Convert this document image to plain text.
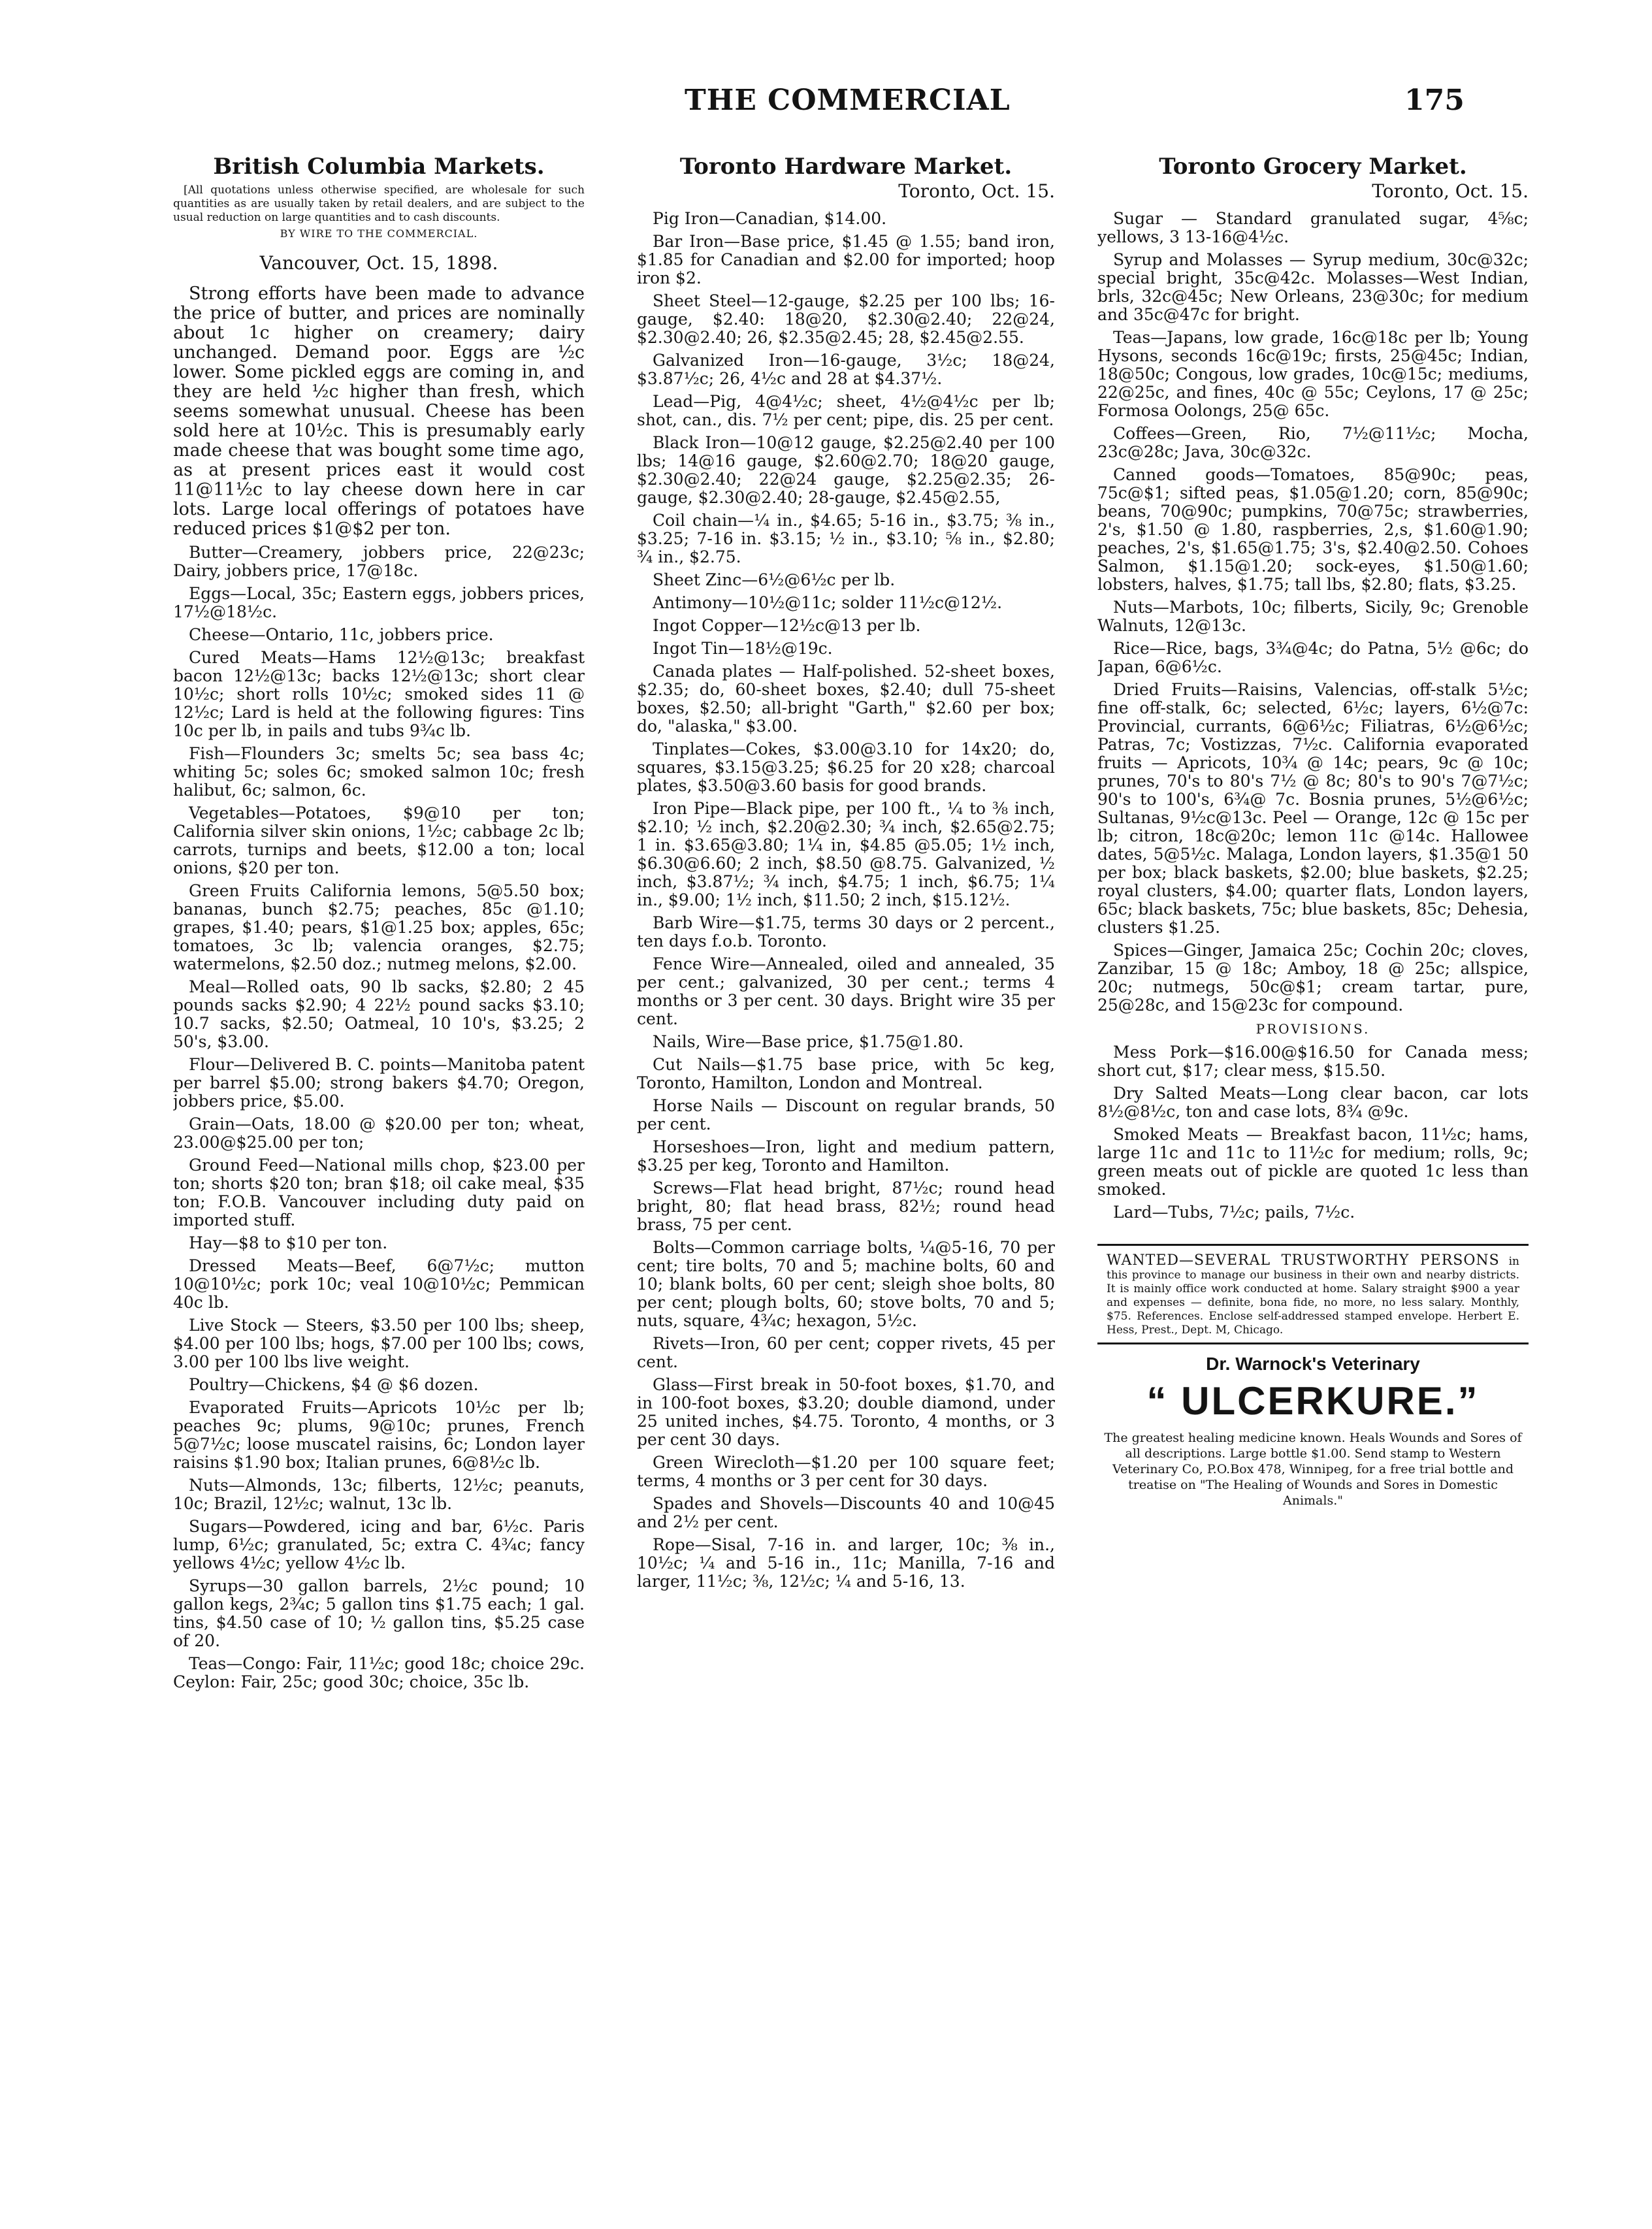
THE COMMERCIAL	175
British Columbia Markets.

[All quotations unless otherwise specified, are wholesale for such quantities as are usually taken by retail dealers, and are subject to the usual reduction on large quantities and to cash discounts.

BY WIRE TO THE COMMERCIAL.

Vancouver, Oct. 15, 1898.

Strong efforts have been made to advance the price of butter, and prices are nominally about 1c higher on creamery; dairy unchanged. Demand poor. Eggs are ½c lower. Some pickled eggs are coming in, and they are held ½c higher than fresh, which seems somewhat unusual. Cheese has been sold here at 10½c. This is presumably early made cheese that was bought some time ago, as at present prices east it would cost 11@11½c to lay cheese down here in car lots. Large local offerings of potatoes have reduced prices $1@$2 per ton.

Butter—Creamery, jobbers price, 22@23c; Dairy, jobbers price, 17@18c.

Eggs—Local, 35c; Eastern eggs, jobbers prices, 17½@18½c.

Cheese—Ontario, 11c, jobbers price.

Cured Meats—Hams 12½@13c; breakfast bacon 12½@13c; backs 12½@13c; short clear 10½c; short rolls 10½c; smoked sides 11 @ 12½c; Lard is held at the following figures: Tins 10c per lb, in pails and tubs 9¾c lb.

Fish—Flounders 3c; smelts 5c; sea bass 4c; whiting 5c; soles 6c; smoked salmon 10c; fresh halibut, 6c; salmon, 6c.

Vegetables—Potatoes, $9@10 per ton; California silver skin onions, 1½c; cabbage 2c lb; carrots, turnips and beets, $12.00 a ton; local onions, $20 per ton.

Green Fruits California lemons, 5@5.50 box; bananas, bunch $2.75; peaches, 85c @1.10; grapes, $1.40; pears, $1@1.25 box; apples, 65c; tomatoes, 3c lb; valencia oranges, $2.75; watermelons, $2.50 doz.; nutmeg melons, $2.00.

Meal—Rolled oats, 90 lb sacks, $2.80; 2 45 pounds sacks $2.90; 4 22½ pound sacks $3.10; 10.7 sacks, $2.50; Oatmeal, 10 10's, $3.25; 2 50's, $3.00.

Flour—Delivered B. C. points—Manitoba patent per barrel $5.00; strong bakers $4.70; Oregon, jobbers price, $5.00.

Grain—Oats, 18.00 @ $20.00 per ton; wheat, 23.00@$25.00 per ton;

Ground Feed—National mills chop, $23.00 per ton; shorts $20 ton; bran $18; oil cake meal, $35 ton; F.O.B. Vancouver including duty paid on imported stuff.

Hay—$8 to $10 per ton.

Dressed Meats—Beef, 6@7½c; mutton 10@10½c; pork 10c; veal 10@10½c; Pemmican 40c lb.

Live Stock — Steers, $3.50 per 100 lbs; sheep, $4.00 per 100 lbs; hogs, $7.00 per 100 lbs; cows, 3.00 per 100 lbs live weight.

Poultry—Chickens, $4 @ $6 dozen.

Evaporated Fruits—Apricots 10½c per lb; peaches 9c; plums, 9@10c; prunes, French 5@7½c; loose muscatel raisins, 6c; London layer raisins $1.90 box; Italian prunes, 6@8½c lb.

Nuts—Almonds, 13c; filberts, 12½c; peanuts, 10c; Brazil, 12½c; walnut, 13c lb.

Sugars—Powdered, icing and bar, 6½c. Paris lump, 6½c; granulated, 5c; extra C. 4¾c; fancy yellows 4½c; yellow 4½c lb.

Syrups—30 gallon barrels, 2½c pound; 10 gallon kegs, 2¾c; 5 gallon tins $1.75 each; 1 gal. tins, $4.50 case of 10; ½ gallon tins, $5.25 case of 20.

Teas—Congo: Fair, 11½c; good 18c; choice 29c. Ceylon: Fair, 25c; good 30c; choice, 35c lb.

Toronto Hardware Market.

Toronto, Oct. 15.

Pig Iron—Canadian, $14.00.

Bar Iron—Base price, $1.45 @ 1.55; band iron, $1.85 for Canadian and $2.00 for imported; hoop iron $2.

Sheet Steel—12-gauge, $2.25 per 100 lbs; 16-gauge, $2.40: 18@20, $2.30@2.40; 22@24, $2.30@2.40; 26, $2.35@2.45; 28, $2.45@2.55.

Galvanized Iron—16-gauge, 3½c; 18@24, $3.87½c; 26, 4½c and 28 at $4.37½.

Lead—Pig, 4@4½c; sheet, 4½@4½c per lb; shot, can., dis. 7½ per cent; pipe, dis. 25 per cent.

Black Iron—10@12 gauge, $2.25@2.40 per 100 lbs; 14@16 gauge, $2.60@2.70; 18@20 gauge, $2.30@2.40; 22@24 gauge, $2.25@2.35; 26-gauge, $2.30@2.40; 28-gauge, $2.45@2.55,

Coil chain—¼ in., $4.65; 5-16 in., $3.75; ⅜ in., $3.25; 7-16 in. $3.15; ½ in., $3.10; ⅝ in., $2.80; ¾ in., $2.75.

Sheet Zinc—6½@6½c per lb.

Antimony—10½@11c; solder 11½c@12½.

Ingot Copper—12½c@13 per lb.

Ingot Tin—18½@19c.

Canada plates — Half-polished. 52-sheet boxes, $2.35; do, 60-sheet boxes, $2.40; dull 75-sheet boxes, $2.50; all-bright "Garth," $2.60 per box; do, "alaska," $3.00.

Tinplates—Cokes, $3.00@3.10 for 14x20; do, squares, $3.15@3.25; $6.25 for 20 x28; charcoal plates, $3.50@3.60 basis for good brands.

Iron Pipe—Black pipe, per 100 ft., ¼ to ⅜ inch, $2.10; ½ inch, $2.20@2.30; ¾ inch, $2.65@2.75; 1 in. $3.65@3.80; 1¼ in, $4.85 @5.05; 1½ inch, $6.30@6.60; 2 inch, $8.50 @8.75. Galvanized, ½ inch, $3.87½; ¾ inch, $4.75; 1 inch, $6.75; 1¼ in., $9.00; 1½ inch, $11.50; 2 inch, $15.12½.

Barb Wire—$1.75, terms 30 days or 2 percent., ten days f.o.b. Toronto.

Fence Wire—Annealed, oiled and annealed, 35 per cent.; galvanized, 30 per cent.; terms 4 months or 3 per cent. 30 days. Bright wire 35 per cent.

Nails, Wire—Base price, $1.75@1.80.

Cut Nails—$1.75 base price, with 5c keg, Toronto, Hamilton, London and Montreal.

Horse Nails — Discount on regular brands, 50 per cent.

Horseshoes—Iron, light and medium pattern, $3.25 per keg, Toronto and Hamilton.

Screws—Flat head bright, 87½c; round head bright, 80; flat head brass, 82½; round head brass, 75 per cent.

Bolts—Common carriage bolts, ¼@5-16, 70 per cent; tire bolts, 70 and 5; machine bolts, 60 and 10; blank bolts, 60 per cent; sleigh shoe bolts, 80 per cent; plough bolts, 60; stove bolts, 70 and 5; nuts, square, 4¾c; hexagon, 5½c.

Rivets—Iron, 60 per cent; copper rivets, 45 per cent.

Glass—First break in 50-foot boxes, $1.70, and in 100-foot boxes, $3.20; double diamond, under 25 united inches, $4.75. Toronto, 4 months, or 3 per cent 30 days.

Green Wirecloth—$1.20 per 100 square feet; terms, 4 months or 3 per cent for 30 days.

Spades and Shovels—Discounts 40 and 10@45 and 2½ per cent.

Rope—Sisal, 7-16 in. and larger, 10c; ⅜ in., 10½c; ¼ and 5-16 in., 11c; Manilla, 7-16 and larger, 11½c; ⅜, 12½c; ¼ and 5-16, 13.

Toronto Grocery Market.

Toronto, Oct. 15.

Sugar — Standard granulated sugar, 4⅝c; yellows, 3 13-16@4½c.

Syrup and Molasses — Syrup medium, 30c@32c; special bright, 35c@42c. Molasses—West Indian, brls, 32c@45c; New Orleans, 23@30c; for medium and 35c@47c for bright.

Teas—Japans, low grade, 16c@18c per lb; Young Hysons, seconds 16c@19c; firsts, 25@45c; Indian, 18@50c; Congous, low grades, 10c@15c; mediums, 22@25c, and fines, 40c @ 55c; Ceylons, 17 @ 25c; Formosa Oolongs, 25@ 65c.

Coffees—Green, Rio, 7½@11½c; Mocha, 23c@28c; Java, 30c@32c.

Canned goods—Tomatoes, 85@90c; peas, 75c@$1; sifted peas, $1.05@1.20; corn, 85@90c; beans, 70@90c; pumpkins, 70@75c; strawberries, 2's, $1.50 @ 1.80, raspberries, 2,s, $1.60@1.90; peaches, 2's, $1.65@1.75; 3's, $2.40@2.50. Cohoes Salmon, $1.15@1.20; sock-eyes, $1.50@1.60; lobsters, halves, $1.75; tall lbs, $2.80; flats, $3.25.

Nuts—Marbots, 10c; filberts, Sicily, 9c; Grenoble Walnuts, 12@13c.

Rice—Rice, bags, 3¾@4c; do Patna, 5½ @6c; do Japan, 6@6½c.

Dried Fruits—Raisins, Valencias, off-stalk 5½c; fine off-stalk, 6c; selected, 6½c; layers, 6½@7c: Provincial, currants, 6@6½c; Filiatras, 6½@6½c; Patras, 7c; Vostizzas, 7½c. California evaporated fruits — Apricots, 10¾ @ 14c; pears, 9c @ 10c; prunes, 70's to 80's 7½ @ 8c; 80's to 90's 7@7½c; 90's to 100's, 6¾@ 7c. Bosnia prunes, 5½@6½c; Sultanas, 9½c@13c. Peel — Orange, 12c @ 15c per lb; citron, 18c@20c; lemon 11c @14c. Hallowee dates, 5@5½c. Malaga, London layers, $1.35@1 50 per box; black baskets, $2.00; blue baskets, $2.25; royal clusters, $4.00; quarter flats, London layers, 65c; black baskets, 75c; blue baskets, 85c; Dehesia, clusters $1.25.

Spices—Ginger, Jamaica 25c; Cochin 20c; cloves, Zanzibar, 15 @ 18c; Amboy, 18 @ 25c; allspice, 20c; nutmegs, 50c@$1; cream tartar, pure, 25@28c, and 15@23c for compound.

PROVISIONS.

Mess Pork—$16.00@$16.50 for Canada mess; short cut, $17; clear mess, $15.50.

Dry Salted Meats—Long clear bacon, car lots 8½@8½c, ton and case lots, 8¾ @9c.

Smoked Meats — Breakfast bacon, 11½c; hams, large 11c and 11c to 11½c for medium; rolls, 9c; green meats out of pickle are quoted 1c less than smoked.

Lard—Tubs, 7½c; pails, 7½c.

WANTED—SEVERAL TRUSTWORTHY PERSONS in this province to manage our business in their own and nearby districts. It is mainly office work conducted at home. Salary straight $900 a year and expenses — definite, bona fide, no more, no less salary. Monthly, $75. References. Enclose self-addressed stamped envelope. Herbert E. Hess, Prest., Dept. M, Chicago.

Dr. Warnock's Veterinary

“ ULCERKURE.”

The greatest healing medicine known. Heals Wounds and Sores of all descriptions. Large bottle $1.00. Send stamp to Western Veterinary Co, P.O.Box 478, Winnipeg, for a free trial bottle and treatise on "The Healing of Wounds and Sores in Domestic Animals."
